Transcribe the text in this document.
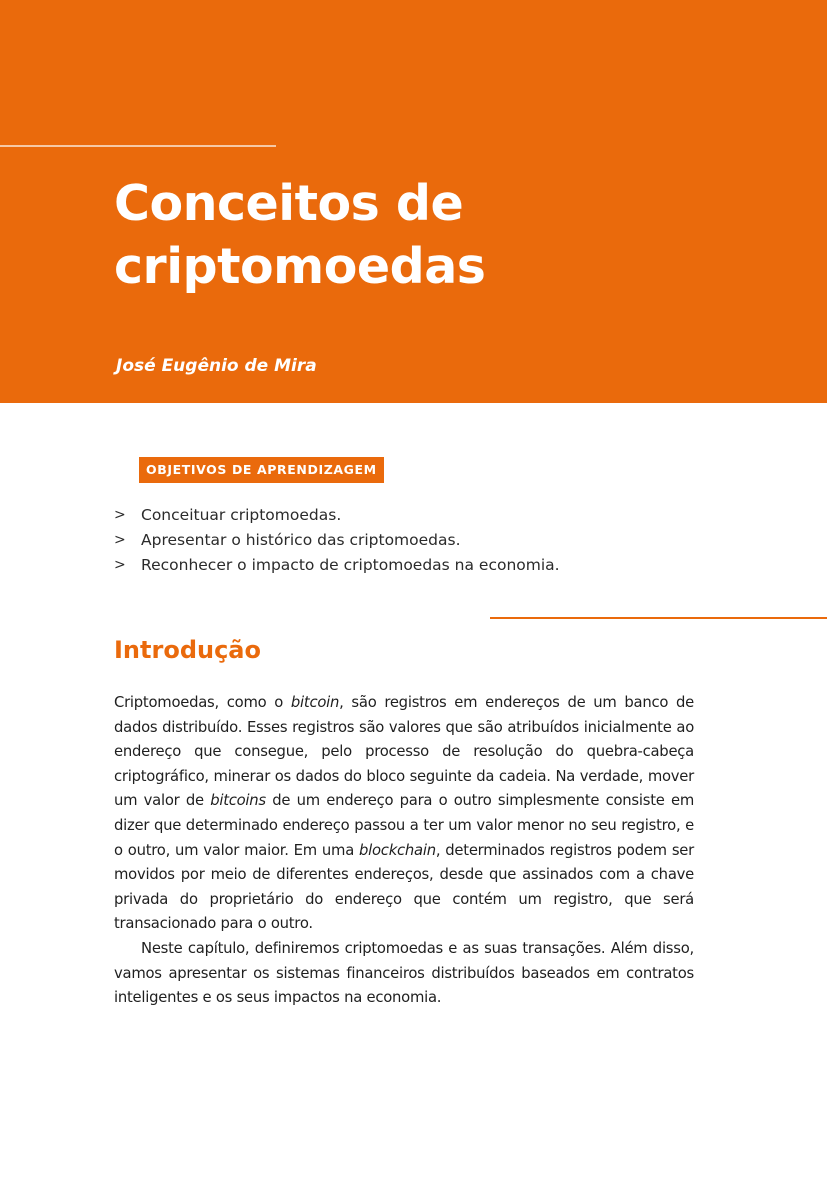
Conceitos de
criptomoedas

José Eugênio de Mira

OBJETIVOS DE APRENDIZAGEM
> Conceituar criptomoedas.
> Apresentar o histórico das criptomoedas.
> Reconhecer o impacto de criptomoedas na economia.
Introdução

Criptomoedas, como o bitcoin, são registros em endereços de um banco de dados distribuído. Esses registros são valores que são atribuídos inicialmente ao endereço que consegue, pelo processo de resolução do quebra-cabeça criptográfico, minerar os dados do bloco seguinte da cadeia. Na verdade, mover um valor de bitcoins de um endereço para o outro simplesmente consiste em dizer que determinado endereço passou a ter um valor menor no seu registro, e o outro, um valor maior. Em uma blockchain, determinados registros podem ser movidos por meio de diferentes endereços, desde que assinados com a chave privada do proprietário do endereço que contém um registro, que será transacionado para o outro.

Neste capítulo, definiremos criptomoedas e as suas transações. Além disso, vamos apresentar os sistemas financeiros distribuídos baseados em contratos inteligentes e os seus impactos na economia.
